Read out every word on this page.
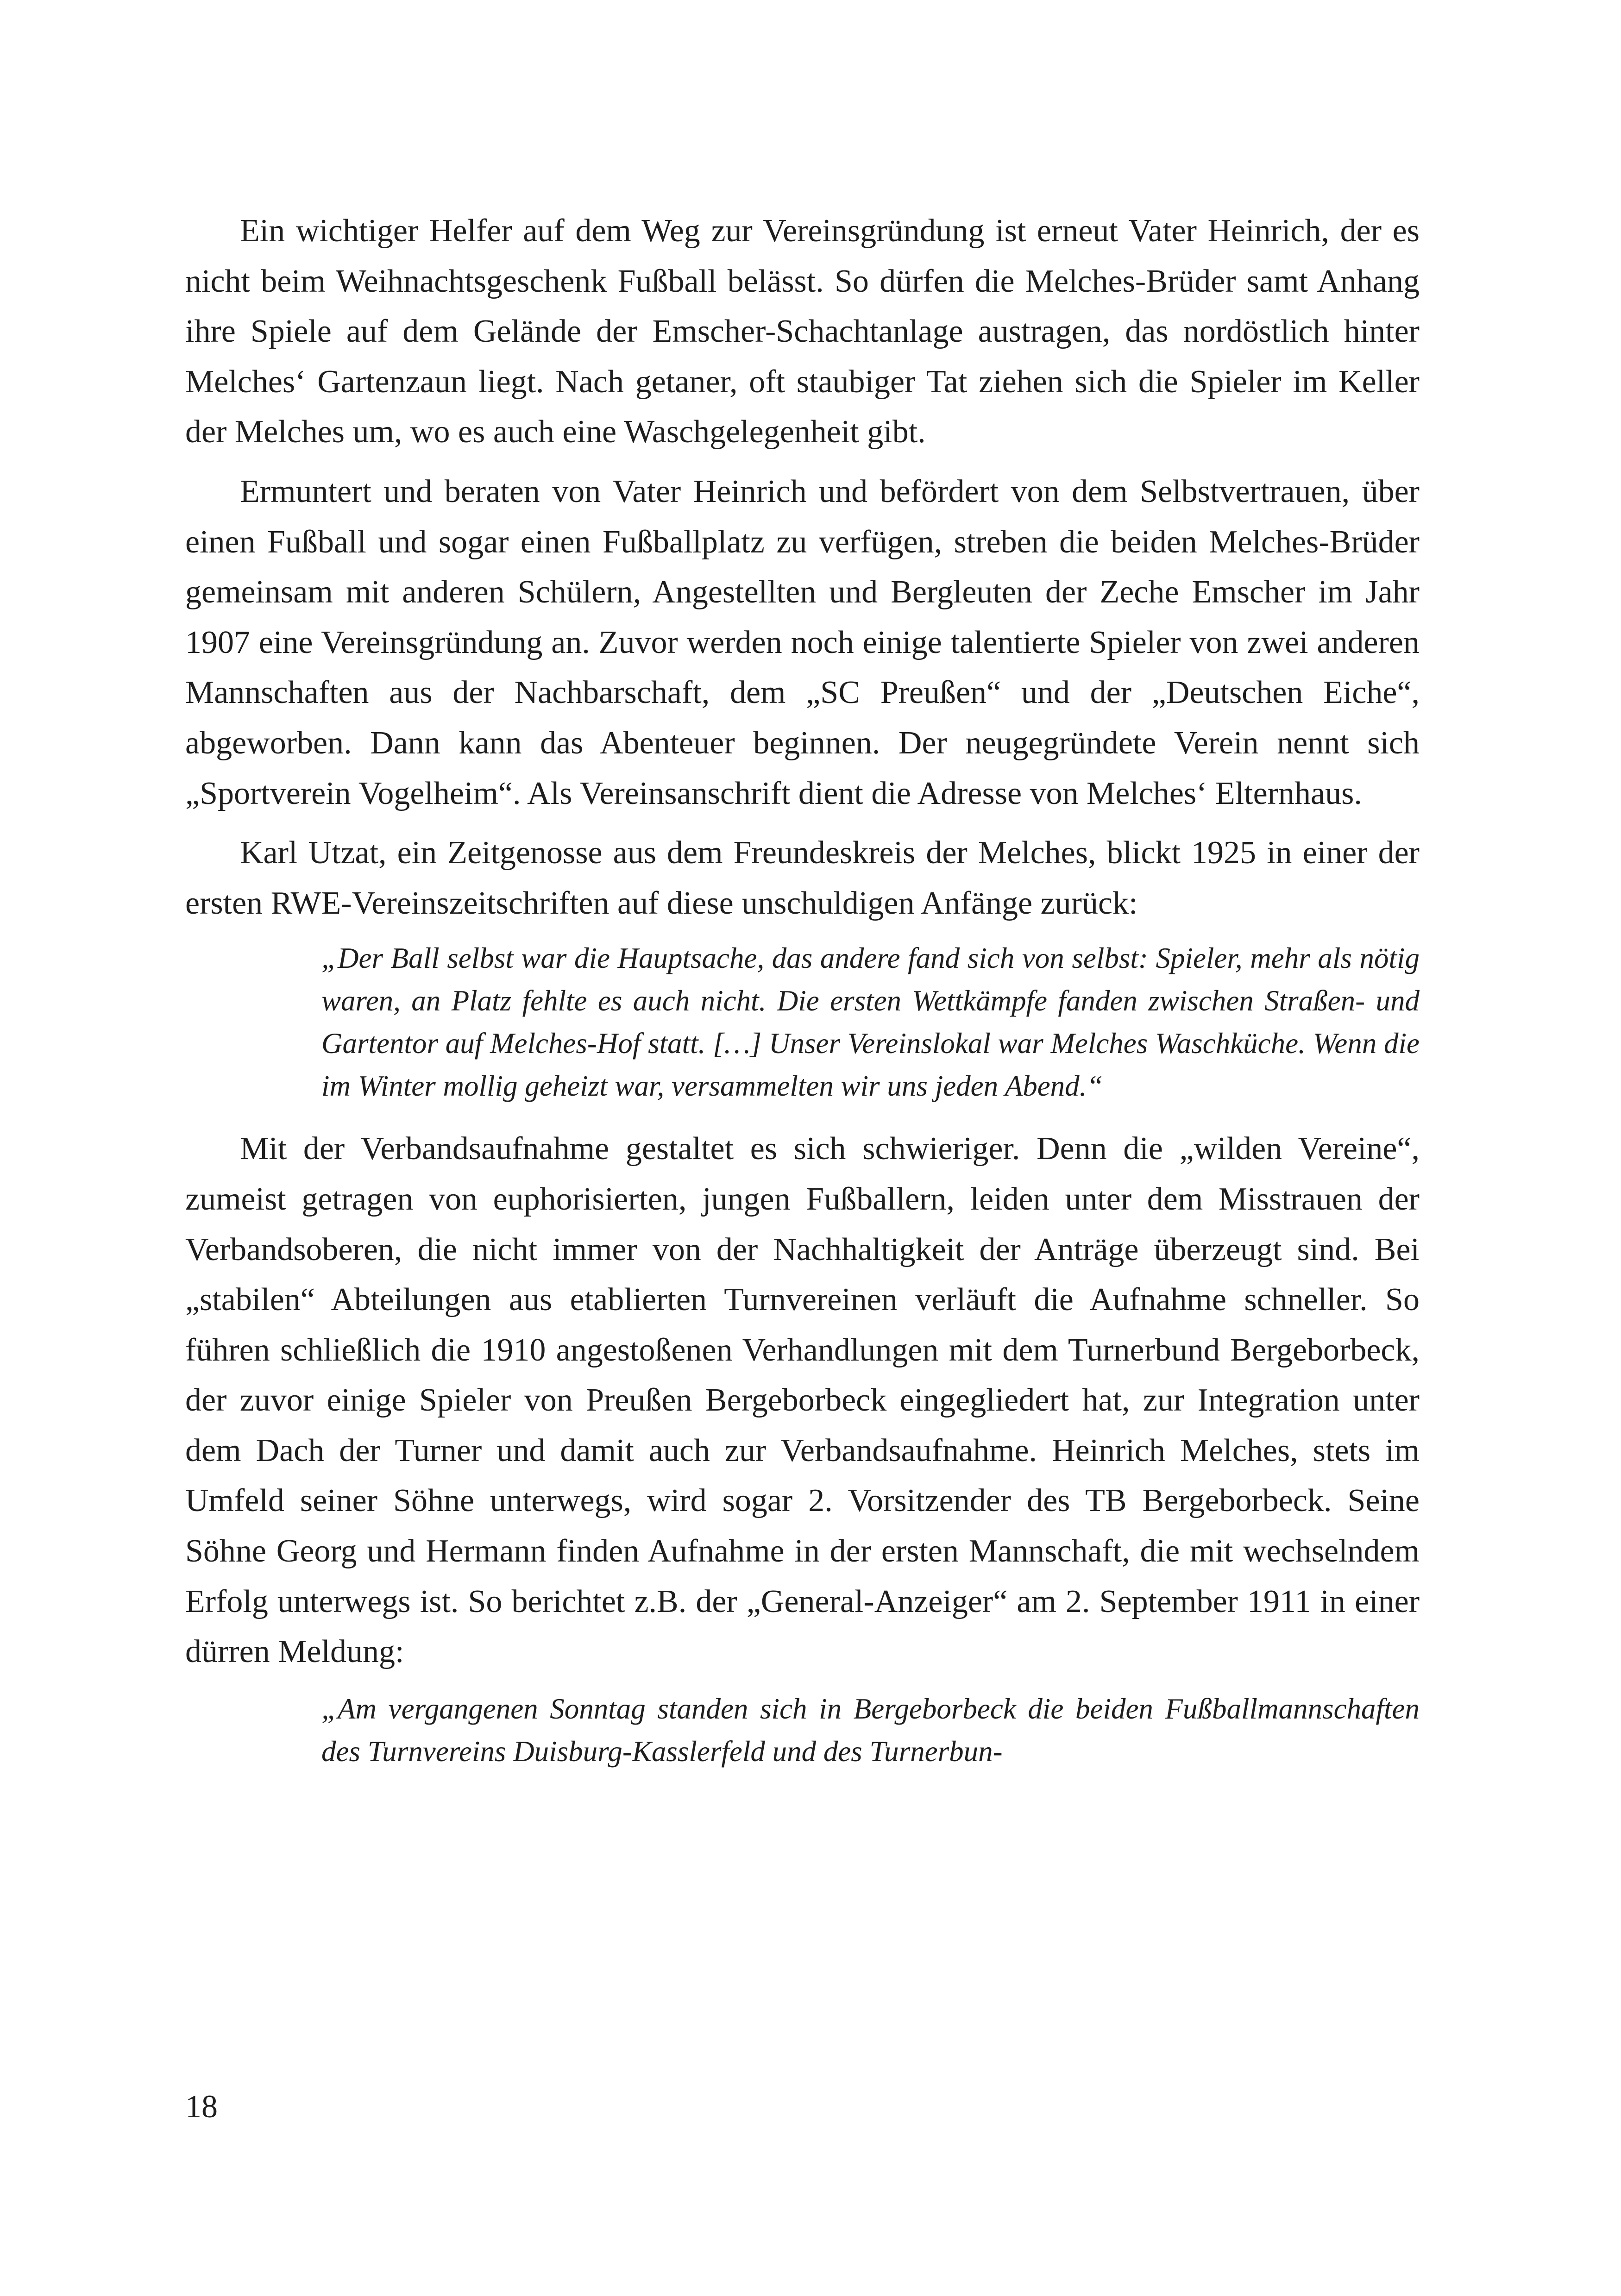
Ein wichtiger Helfer auf dem Weg zur Vereinsgründung ist erneut Vater Heinrich, der es nicht beim Weihnachtsgeschenk Fußball belässt. So dürfen die Melches-Brüder samt Anhang ihre Spiele auf dem Gelände der Emscher-Schachtanlage austragen, das nordöstlich hinter Melches‘ Gartenzaun liegt. Nach getaner, oft staubiger Tat ziehen sich die Spieler im Keller der Melches um, wo es auch eine Waschgelegenheit gibt.

Ermuntert und beraten von Vater Heinrich und befördert von dem Selbstvertrauen, über einen Fußball und sogar einen Fußballplatz zu verfügen, streben die beiden Melches-Brüder gemeinsam mit anderen Schülern, Angestellten und Bergleuten der Zeche Emscher im Jahr 1907 eine Vereinsgründung an. Zuvor werden noch einige talentierte Spieler von zwei anderen Mannschaften aus der Nachbarschaft, dem „SC Preußen“ und der „Deutschen Eiche“, abgeworben. Dann kann das Abenteuer beginnen. Der neugegründete Verein nennt sich „Sportverein Vogelheim“. Als Vereinsanschrift dient die Adresse von Melches‘ Elternhaus.

Karl Utzat, ein Zeitgenosse aus dem Freundeskreis der Melches, blickt 1925 in einer der ersten RWE-Vereinszeitschriften auf diese unschuldigen Anfänge zurück:

„Der Ball selbst war die Hauptsache, das andere fand sich von selbst: Spieler, mehr als nötig waren, an Platz fehlte es auch nicht. Die ersten Wettkämpfe fanden zwischen Straßen- und Gartentor auf Melches-Hof statt. […] Unser Vereinslokal war Melches Waschküche. Wenn die im Winter mollig geheizt war, versammelten wir uns jeden Abend.“

Mit der Verbandsaufnahme gestaltet es sich schwieriger. Denn die „wilden Vereine“, zumeist getragen von euphorisierten, jungen Fußballern, leiden unter dem Misstrauen der Verbandsoberen, die nicht immer von der Nachhaltigkeit der Anträge überzeugt sind. Bei „stabilen“ Abteilungen aus etablierten Turnvereinen verläuft die Aufnahme schneller. So führen schließlich die 1910 angestoßenen Verhandlungen mit dem Turnerbund Bergeborbeck, der zuvor einige Spieler von Preußen Bergeborbeck eingegliedert hat, zur Integration unter dem Dach der Turner und damit auch zur Verbandsaufnahme. Heinrich Melches, stets im Umfeld seiner Söhne unterwegs, wird sogar 2. Vorsitzender des TB Bergeborbeck. Seine Söhne Georg und Hermann finden Aufnahme in der ersten Mannschaft, die mit wechselndem Erfolg unterwegs ist. So berichtet z.B. der „General-Anzeiger“ am 2. September 1911 in einer dürren Meldung:

„Am vergangenen Sonntag standen sich in Bergeborbeck die beiden Fußballmannschaften des Turnvereins Duisburg-Kasslerfeld und des Turnerbun-

18
